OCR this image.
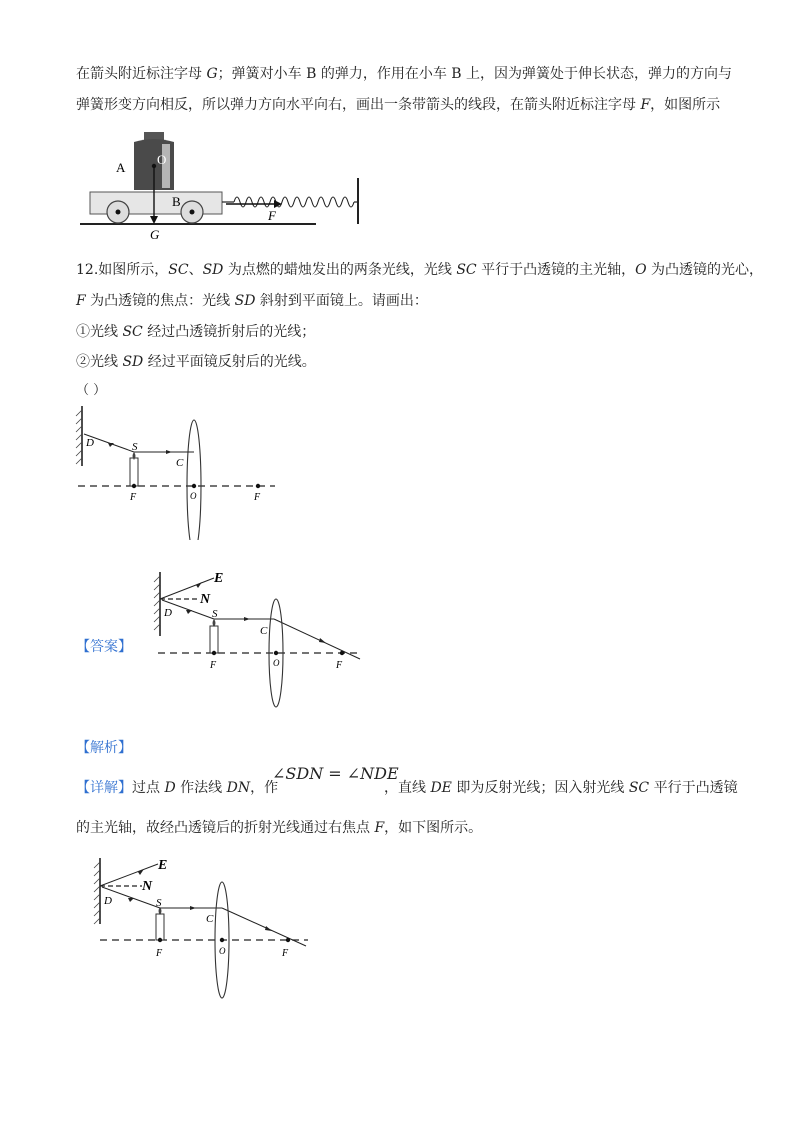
在箭头附近标注字母 G；弹簧对小车 B 的弹力，作用在小车 B 上，因为弹簧处于伸长状态，弹力的方向与
弹簧形变方向相反，所以弹力方向水平向右，画出一条带箭头的线段，在箭头附近标注字母 F，如图所示
A
O
B
F
G
12.如图所示，SC、SD 为点燃的蜡烛发出的两条光线，光线 SC 平行于凸透镜的主光轴，O 为凸透镜的光心，
F 为凸透镜的焦点：光线 SD 斜射到平面镜上。请画出：
①光线 SC 经过凸透镜折射后的光线；
②光线 SD 经过平面镜反射后的光线。
（ ）
D	S
C
F	O	F
【答案】
E
N
D	S
C
F	O	F
【解析】
【详解】过点 D 作法线 DN，作
∠SDN = ∠NDE
，直线 DE 即为反射光线；因入射光线 SC 平行于凸透镜
的主光轴，故经凸透镜后的折射光线通过右焦点 F，如下图所示。
E
N
D	S
C
F	O	F
